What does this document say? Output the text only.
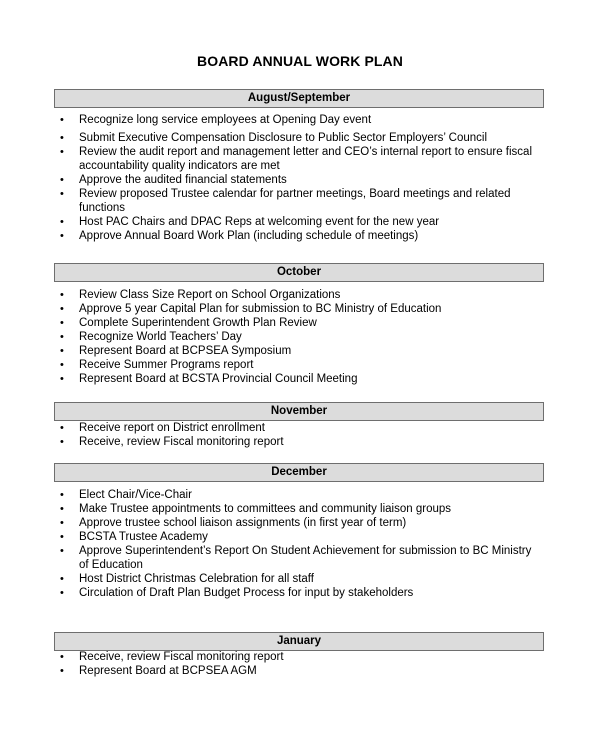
BOARD ANNUAL WORK PLAN
August/September

• Recognize long service employees at Opening Day event

• Submit Executive Compensation Disclosure to Public Sector Employers’ Council

• Review the audit report and management letter and CEO’s internal report to ensure fiscal accountability quality indicators are met

• Approve the audited financial statements

• Review proposed Trustee calendar for partner meetings, Board meetings and related functions

• Host PAC Chairs and DPAC Reps at welcoming event for the new year

• Approve Annual Board Work Plan (including schedule of meetings)

October

• Review Class Size Report on School Organizations

• Approve 5 year Capital Plan for submission to BC Ministry of Education

• Complete Superintendent Growth Plan Review

• Recognize World Teachers’ Day

• Represent Board at BCPSEA Symposium

• Receive Summer Programs report

• Represent Board at BCSTA Provincial Council Meeting

November

• Receive report on District enrollment

• Receive, review Fiscal monitoring report

December

• Elect Chair/Vice-Chair

• Make Trustee appointments to committees and community liaison groups

• Approve trustee school liaison assignments (in first year of term)

• BCSTA Trustee Academy

• Approve Superintendent’s Report On Student Achievement for submission to BC Ministry of Education

• Host District Christmas Celebration for all staff

• Circulation of Draft Plan Budget Process for input by stakeholders

January

• Receive, review Fiscal monitoring report

• Represent Board at BCPSEA AGM
